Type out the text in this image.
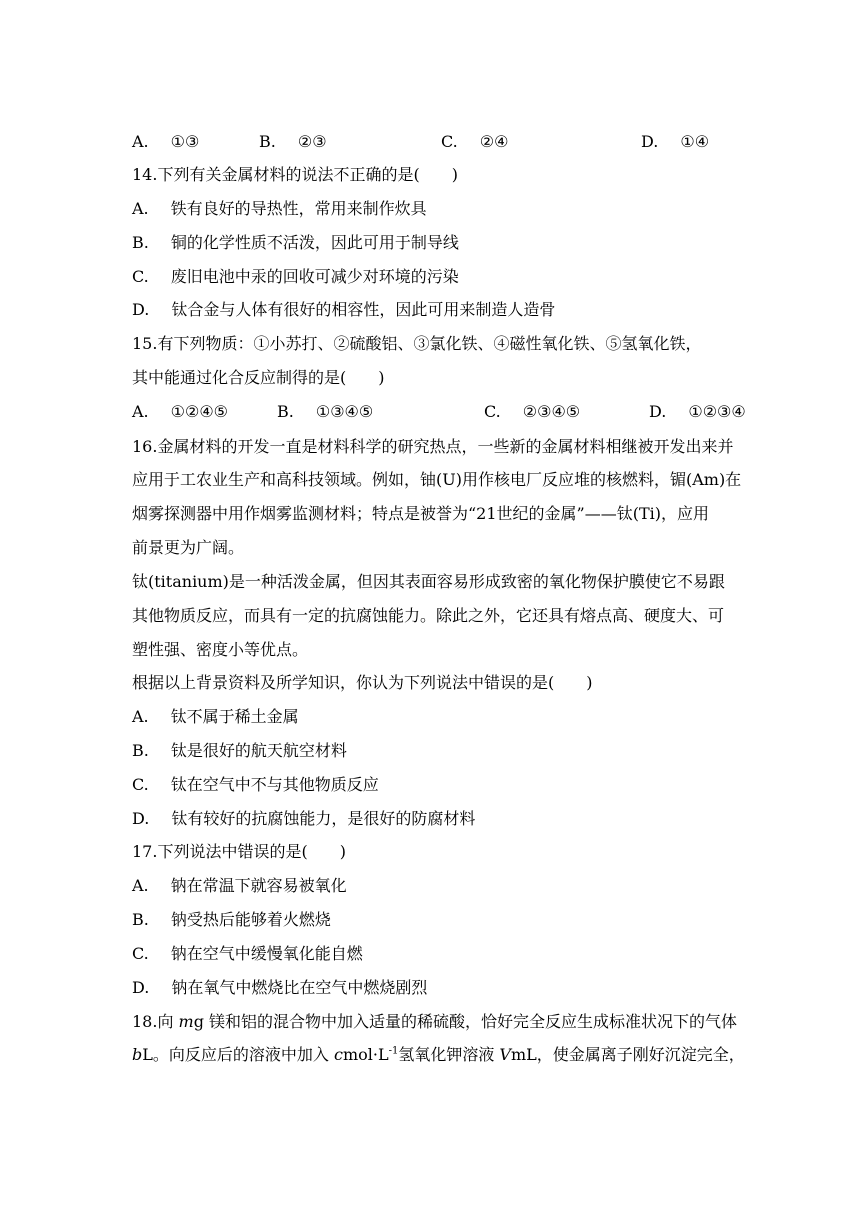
A. ①③	B. ②③	C. ②④	D. ①④
14.下列有关金属材料的说法不正确的是(　　)
A. 铁有良好的导热性，常用来制作炊具
B. 铜的化学性质不活泼，因此可用于制导线
C. 废旧电池中汞的回收可减少对环境的污染
D. 钛合金与人体有很好的相容性，因此可用来制造人造骨
15.有下列物质：①小苏打、②硫酸铝、③氯化铁、④磁性氧化铁、⑤氢氧化铁，
其中能通过化合反应制得的是(　　)
A. ①②④⑤	B. ①③④⑤	C. ②③④⑤	D. ①②③④
16.金属材料的开发一直是材料科学的研究热点，一些新的金属材料相继被开发出来并
应用于工农业生产和高科技领域。例如，铀(U)用作核电厂反应堆的核燃料，镅(Am)在
烟雾探测器中用作烟雾监测材料；特点是被誉为“21世纪的金属”——钛(Ti)，应用
前景更为广阔。
钛(titanium)是一种活泼金属，但因其表面容易形成致密的氧化物保护膜使它不易跟
其他物质反应，而具有一定的抗腐蚀能力。除此之外，它还具有熔点高、硬度大、可
塑性强、密度小等优点。
根据以上背景资料及所学知识，你认为下列说法中错误的是(　　)
A. 钛不属于稀土金属
B. 钛是很好的航天航空材料
C. 钛在空气中不与其他物质反应
D. 钛有较好的抗腐蚀能力，是很好的防腐材料
17.下列说法中错误的是(　　)
A. 钠在常温下就容易被氧化
B. 钠受热后能够着火燃烧
C. 钠在空气中缓慢氧化能自燃
D. 钠在氧气中燃烧比在空气中燃烧剧烈
18.向 mg 镁和铝的混合物中加入适量的稀硫酸，恰好完全反应生成标准状况下的气体
bL。向反应后的溶液中加入 $cmol\cdot L^{-1}$氢氧化钾溶液 VmL，使金属离子刚好沉淀完全，
